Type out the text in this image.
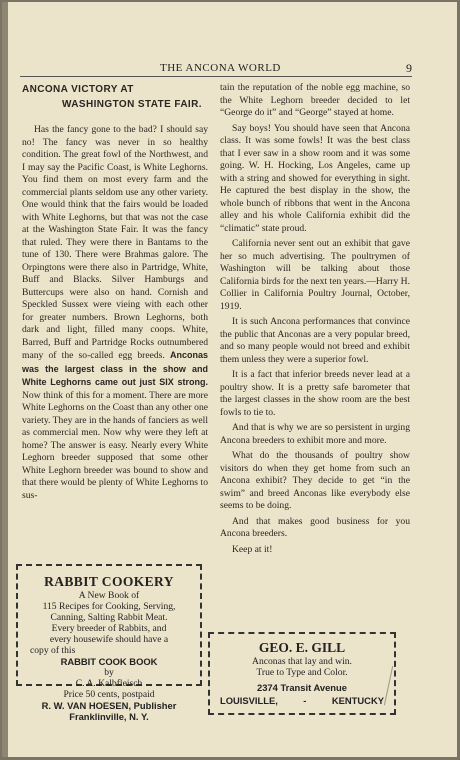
THE ANCONA WORLD	9
ANCONA VICTORY AT
WASHINGTON STATE FAIR.

Has the fancy gone to the bad? I should say no! The fancy was never in so healthy condition. The great fowl of the Northwest, and I may say the Pacific Coast, is White Leghorns. You find them on most every farm and the commercial plants seldom use any other variety. One would think that the fairs would be loaded with White Leghorns, but that was not the case at the Washington State Fair. It was the fancy that ruled. They were there in Bantams to the tune of 130. There were Brahmas galore. The Orpingtons were there also in Partridge, White, Buff and Blacks. Silver Hamburgs and Buttercups were also on hand. Cornish and Speckled Sussex were vieing with each other for greater numbers. Brown Leghorns, both dark and light, filled many coops. White, Barred, Buff and Partridge Rocks outnumbered many of the so-called egg breeds. Anconas was the largest class in the show and White Leghorns came out just SIX strong. Now think of this for a moment. There are more White Leghorns on the Coast than any other one variety. They are in the hands of fanciers as well as commercial men. Now why were they left at home? The answer is easy. Nearly every White Leghorn breeder supposed that some other White Leghorn breeder was bound to show and that there would be plenty of White Leghorns to sus-

tain the reputation of the noble egg machine, so the White Leghorn breeder decided to let “George do it” and “George” stayed at home.

Say boys! You should have seen that Ancona class. It was some fowls! It was the best class that I ever saw in a show room and it was some going. W. H. Hocking, Los Angeles, came up with a string and showed for everything in sight. He captured the best display in the show, the whole bunch of ribbons that went in the Ancona alley and his whole California exhibit did the “climatic” state proud.

California never sent out an exhibit that gave her so much advertising. The poultrymen of Washington will be talking about those California birds for the next ten years.—Harry H. Collier in California Poultry Journal, October, 1919.

It is such Ancona performances that convince the public that Anconas are a very popular breed, and so many people would not breed and exhibit them unless they were a superior fowl.

It is a fact that inferior breeds never lead at a poultry show. It is a pretty safe barometer that the largest classes in the show room are the best fowls to tie to.

And that is why we are so persistent in urging Ancona breeders to exhibit more and more.

What do the thousands of poultry show visitors do when they get home from such an Ancona exhibit? They decide to get “in the swim” and breed Anconas like everybody else seems to be doing.

And that makes good business for you Ancona breeders.

Keep at it!

RABBIT COOKERY
A New Book of
115 Recipes for Cooking, Serving,
Canning, Salting Rabbit Meat.
Every breeder of Rabbits, and
every housewife should have a
copy of this
RABBIT COOK BOOK
by
C. A. Kalbfleisch
Price 50 cents, postpaid
R. W. VAN HOESEN, Publisher
Franklinville, N. Y.
GEO. E. GILL
Anconas that lay and win.
True to Type and Color.
2374 Transit Avenue
LOUISVILLE,	-	KENTUCKY
